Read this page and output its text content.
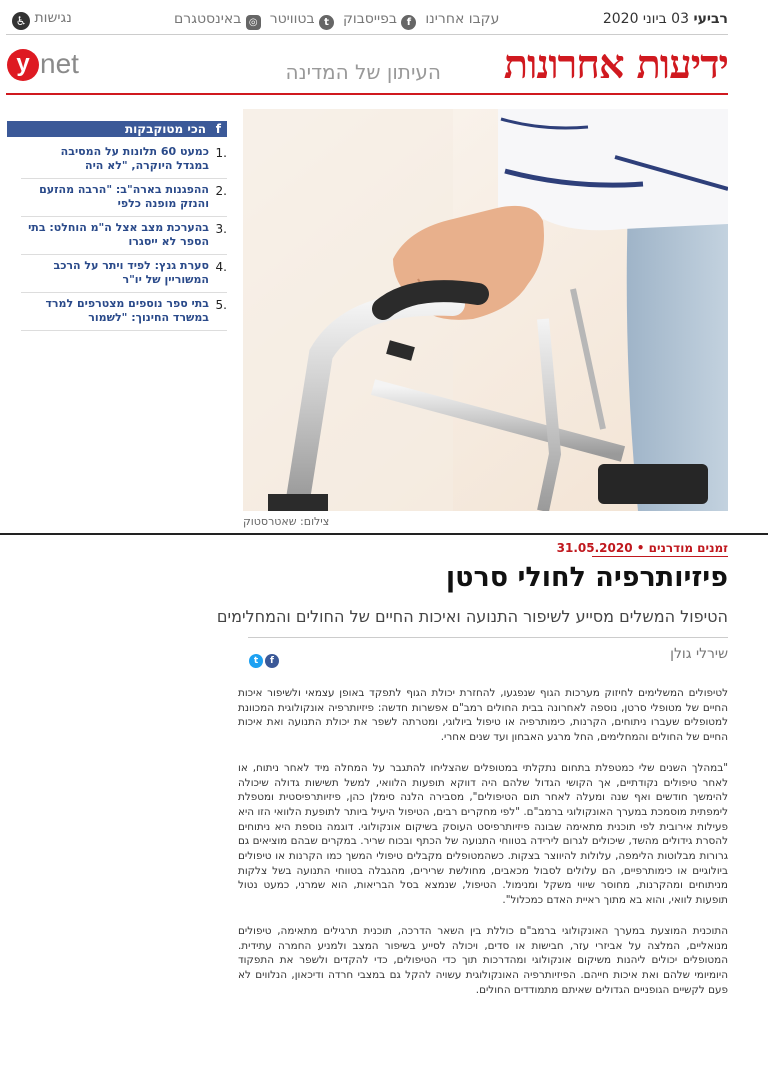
רביעי 03 ביוני 2020
עקבו אחרינו  f בפייסבוק  t בטוויטר  ◎ באינסטגרם
♿ נגישות
ידיעות אחרונות
העיתון של המדינה
y net
fהכי מטוקבקות
1.
כמעט 60 תלונות על המסיבה במגדל היוקרה, "לא היה
2.
ההפגנות בארה"ב: "הרבה מהזעם והנזק מופנה כלפי
3.
בהערכת מצב אצל ה"מ הוחלט: בתי הספר לא ייסגרו
4.
סערת גנץ: לפיד ויתר על הרכב המשוריין של יו"ר
5.
בתי ספר נוספים מצטרפים למרד במשרד החינוך: "לשמור
צילום: שאטרסטוק
זמנים מודרנים • 31.05.2020
פיזיותרפיה לחולי סרטן
הטיפול המשלים מסייע לשיפור התנועה ואיכות החיים של החולים והמחלימים
שירלי גולן
t f

לטיפולים המשלימים לחיזוק מערכות הגוף שנפגעו, להחזרת יכולת הגוף לתפקד באופן עצמאי ולשיפור איכות החיים של מטופלי סרטן, נוספה לאחרונה בבית החולים רמב"ם אפשרות חדשה: פיזיותרפיה אונקולוגית המכוונת למטופלים שעברו ניתוחים, הקרנות, כימותרפיה או טיפול ביולוגי, ומטרתה לשפר את יכולת התנועה ואת איכות החיים של החולים והמחלימים, החל מרגע האבחון ועד שנים אחרי.

"במהלך השנים שלי כמטפלת בתחום נתקלתי במטופלים שהצליחו להתגבר על המחלה מיד לאחר ניתוח, או לאחר טיפולים נקודתיים, אך הקושי הגדול שלהם היה דווקא תופעות הלוואי, למשל תשישות גדולה שיכולה להימשך חודשים ואף שנה ומעלה לאחר תום הטיפולים", מסבירה הלנה סימלן כהן, פיזיותרפיסטית ומטפלת לימפתית מוסמכת במערך האונקולוגי ברמב"ם. "לפי מחקרים רבים, הטיפול היעיל ביותר לתופעת הלוואי הזו היא פעילות אירובית לפי תוכנית מתאימה שבונה פיזיותרפיסט העוסק בשיקום אונקולוגי. דוגמה נוספת היא ניתוחים להסרת גידולים מהשד, שיכולים לגרום לירידה בטווחי התנועה של הכתף ובכוח שריר. במקרים שבהם מוציאים גם גרורות מבלוטות הלימפה, עלולות להיווצר בצקות. כשהמטופלים מקבלים טיפולי המשך כמו הקרנות או טיפולים ביולוגיים או כימותרפיים, הם עלולים לסבול מכאבים, מחולשת שרירים, מהגבלה בטווחי התנועה בשל צלקות מניתוחים ומהקרנות, מחוסר שיווי משקל ומנימול. הטיפול, שנמצא בסל הבריאות, הוא שמרני, כמעט נטול תופעות לוואי, והוא בא מתוך ראיית האדם כמכלול".

התוכנית המוצעת במערך האונקולוגי ברמב"ם כוללת בין השאר הדרכה, תוכנית תרגילים מתאימה, טיפולים מנואליים, המלצה על אביזרי עזר, חבישות או סדים, ויכולה לסייע בשיפור המצב ולמניע החמרה עתידית. המטופלים יכולים ליהנות משיקום אונקולוגי ומהדרכות תוך כדי הטיפולים, כדי להקדים ולשפר את התפקוד היומיומי שלהם ואת איכות חייהם. הפיזיותרפיה האונקולוגית עשויה להקל גם במצבי חרדה ודיכאון, הנלווים לא פעם לקשיים הגופניים הגדולים שאיתם מתמודדים החולים.
